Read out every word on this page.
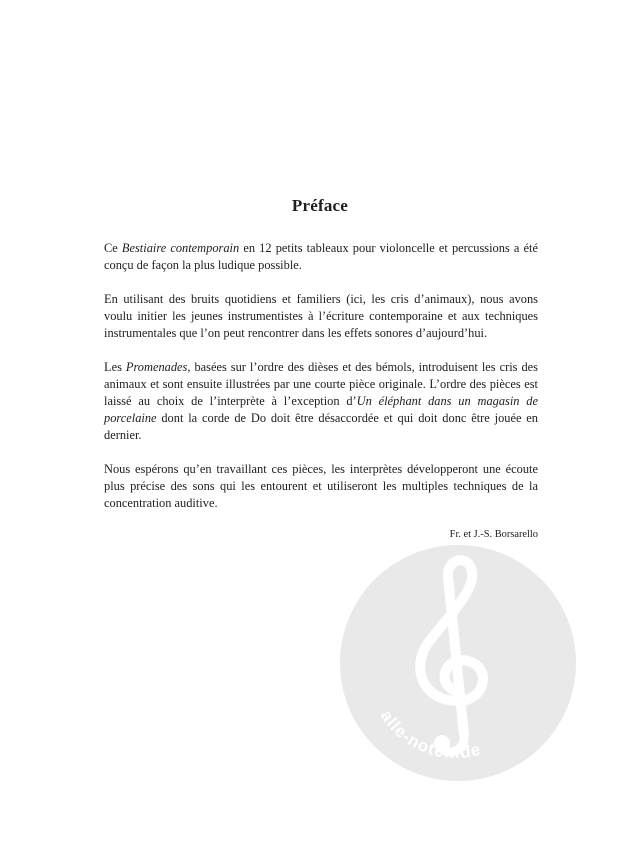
Préface

Ce Bestiaire contemporain en 12 petits tableaux pour violoncelle et percussions a été conçu de façon la plus ludique possible.

En utilisant des bruits quotidiens et familiers (ici, les cris d’animaux), nous avons voulu initier les jeunes instrumentistes à l’écriture contemporaine et aux techniques instrumentales que l’on peut rencontrer dans les effets sonores d’aujourd’hui.

Les Promenades, basées sur l’ordre des dièses et des bémols, introduisent les cris des animaux et sont ensuite illustrées par une courte pièce originale. L’ordre des pièces est laissé au choix de l’interprète à l’exception d’Un éléphant dans un magasin de porcelaine dont la corde de Do doit être désaccordée et qui doit donc être jouée en dernier.

Nous espérons qu’en travaillant ces pièces, les interprètes développeront une écoute plus précise des sons qui les entourent et utiliseront les multiples techniques de la concentration auditive.

Fr. et J.-S. Borsarello
alle-noten.de
